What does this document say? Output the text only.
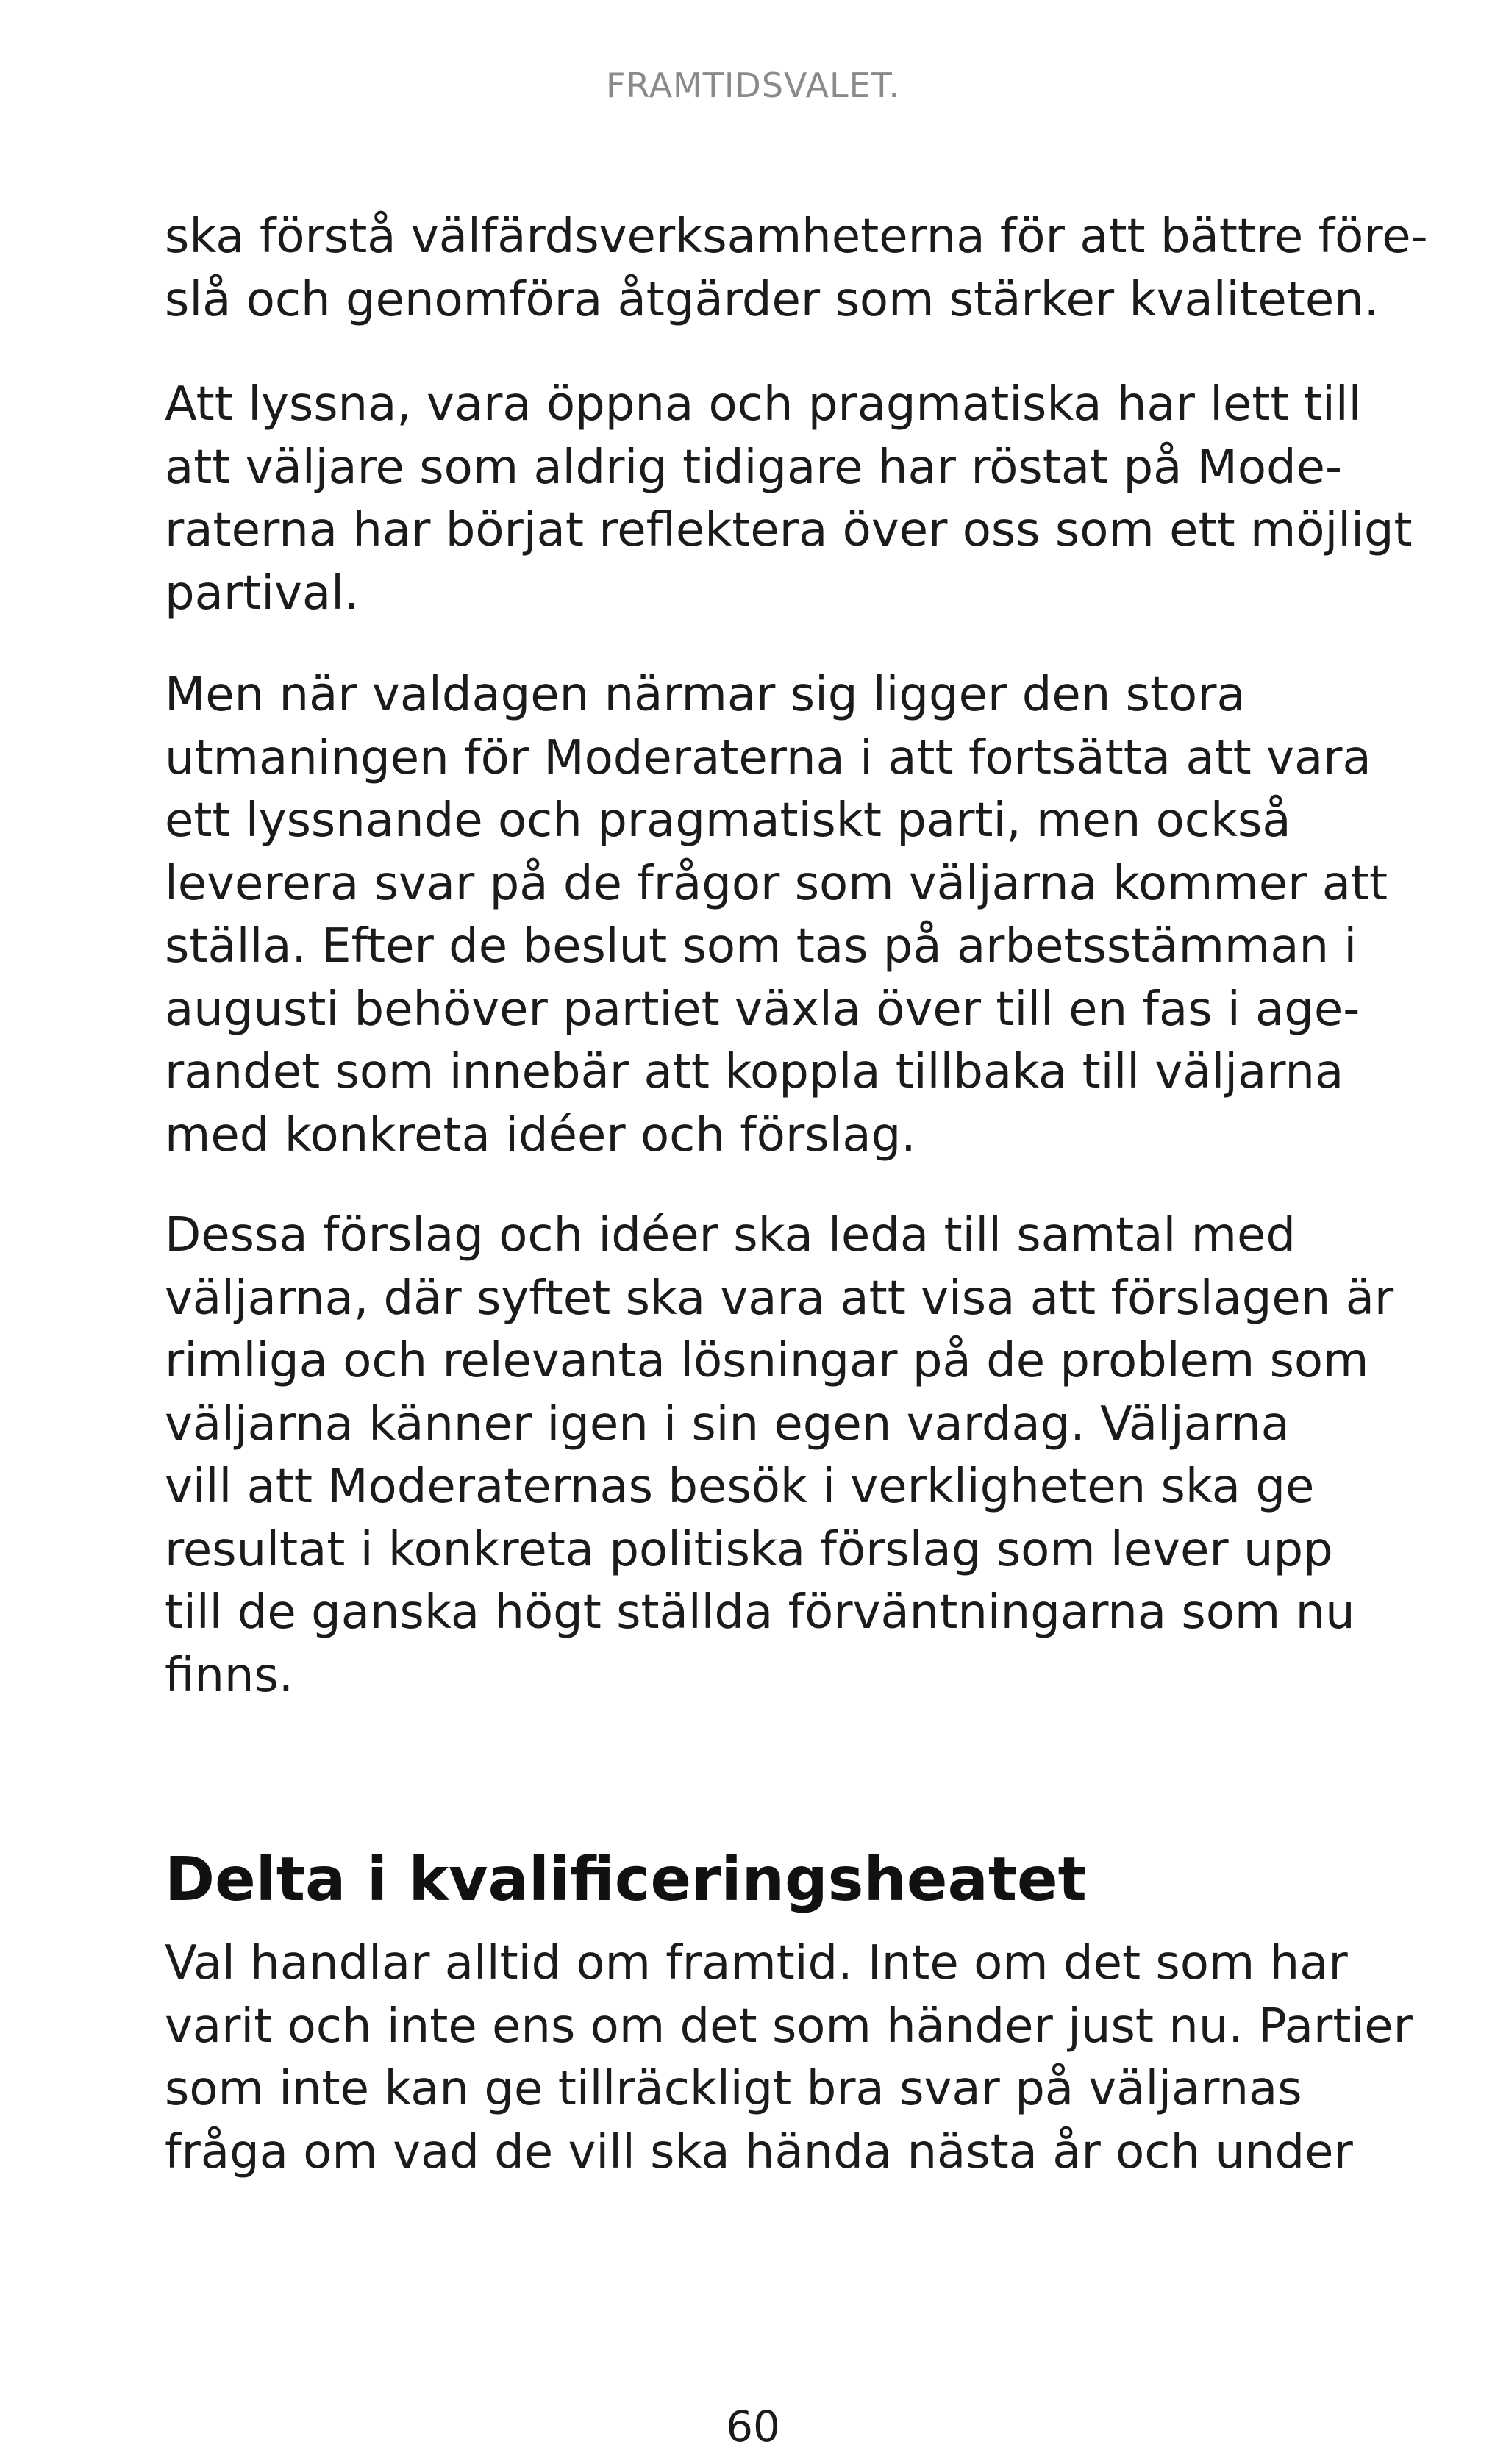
FRAMTIDSVALET.

ska förstå välfärdsverksamheterna för att bättre före-
slå och genomföra åtgärder som stärker kvaliteten.

Att lyssna, vara öppna och pragmatiska har lett till
att väljare som aldrig tidigare har röstat på Mode-
raterna har börjat reflektera över oss som ett möjligt
partival.

Men när valdagen närmar sig ligger den stora
utmaningen för Moderaterna i att fortsätta att vara
ett lyssnande och pragmatiskt parti, men också
leverera svar på de frågor som väljarna kommer att
ställa. Efter de beslut som tas på arbetsstämman i
augusti behöver partiet växla över till en fas i age-
randet som innebär att koppla tillbaka till väljarna
med konkreta idéer och förslag.

Dessa förslag och idéer ska leda till samtal med
väljarna, där syftet ska vara att visa att förslagen är
rimliga och relevanta lösningar på de problem som
väljarna känner igen i sin egen vardag. Väljarna
vill att Moderaternas besök i verkligheten ska ge
resultat i konkreta politiska förslag som lever upp
till de ganska högt ställda förväntningarna som nu
finns.

Delta i kvalificeringsheatet

Val handlar alltid om framtid. Inte om det som har
varit och inte ens om det som händer just nu. Partier
som inte kan ge tillräckligt bra svar på väljarnas
fråga om vad de vill ska hända nästa år och under

60
